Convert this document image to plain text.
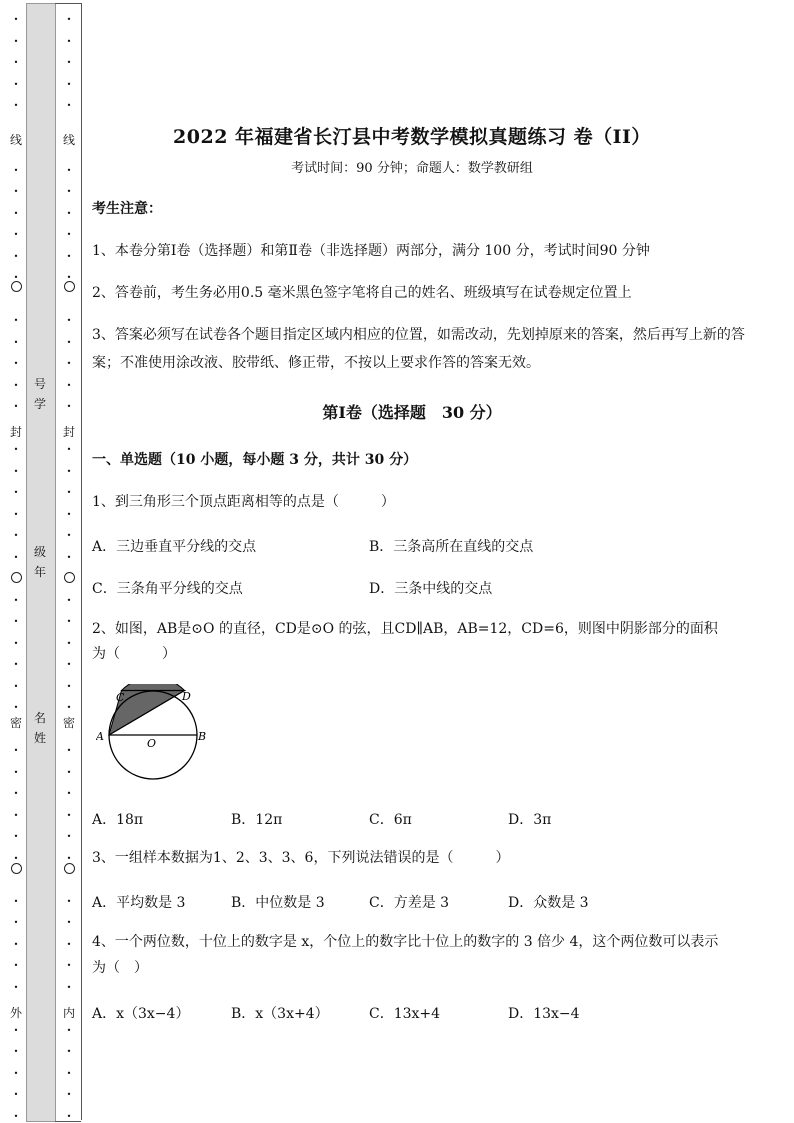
线
封
密
外
•
•
•
•
•
•
•
•
•
•
•
•
•
•
•
•
•
•
•
•
•
•
•
•
•
•
•
•
•
•
•
•
•
•
•
•
•
•
•
•
•
•
•
•
线
封
密
内
•
•
•
•
•
•
•
•
•
•
•
•
•
•
•
•
•
•
•
•
•
•
•
•
•
•
•
•
•
•
•
•
•
•
•
•
•
•
•
•
•
•
•
•
号
学
级
年
名
姓
2022 年福建省长汀县中考数学模拟真题练习 卷（II）
考试时间：90 分钟；命题人：数学教研组
考生注意：
1、本卷分第Ⅰ卷（选择题）和第Ⅱ卷（非选择题）两部分，满分 100 分，考试时间90 分钟
2、答卷前，考生务必用0.5 毫米黑色签字笔将自己的姓名、班级填写在试卷规定位置上
3、答案必须写在试卷各个题目指定区域内相应的位置，如需改动，先划掉原来的答案，然后再写上新的答案；不准使用涂改液、胶带纸、修正带，不按以上要求作答的答案无效。
第Ⅰ卷（选择题　30 分）
一、单选题（10 小题，每小题 3 分，共计 30 分）
1、到三角形三个顶点距离相等的点是（　　　）
A．三边垂直平分线的交点	B．三条高所在直线的交点
C．三条角平分线的交点	D．三条中线的交点
2、如图，AB是⊙O 的直径，CD是⊙O 的弦，且CD∥AB，AB=12，CD=6，则图中阴影部分的面积
为（　　　）
C	D
A	B
O
A．18π	B．12π	C．6π	D．3π
3、一组样本数据为1、2、3、3、6，下列说法错误的是（　　　）
A．平均数是 3	B．中位数是 3	C．方差是 3	D．众数是 3
4、一个两位数，十位上的数字是 x，个位上的数字比十位上的数字的 3 倍少 4，这个两位数可以表示
为（　）
A．x（3x−4）	B．x（3x+4）	C．13x+4	D．13x−4
